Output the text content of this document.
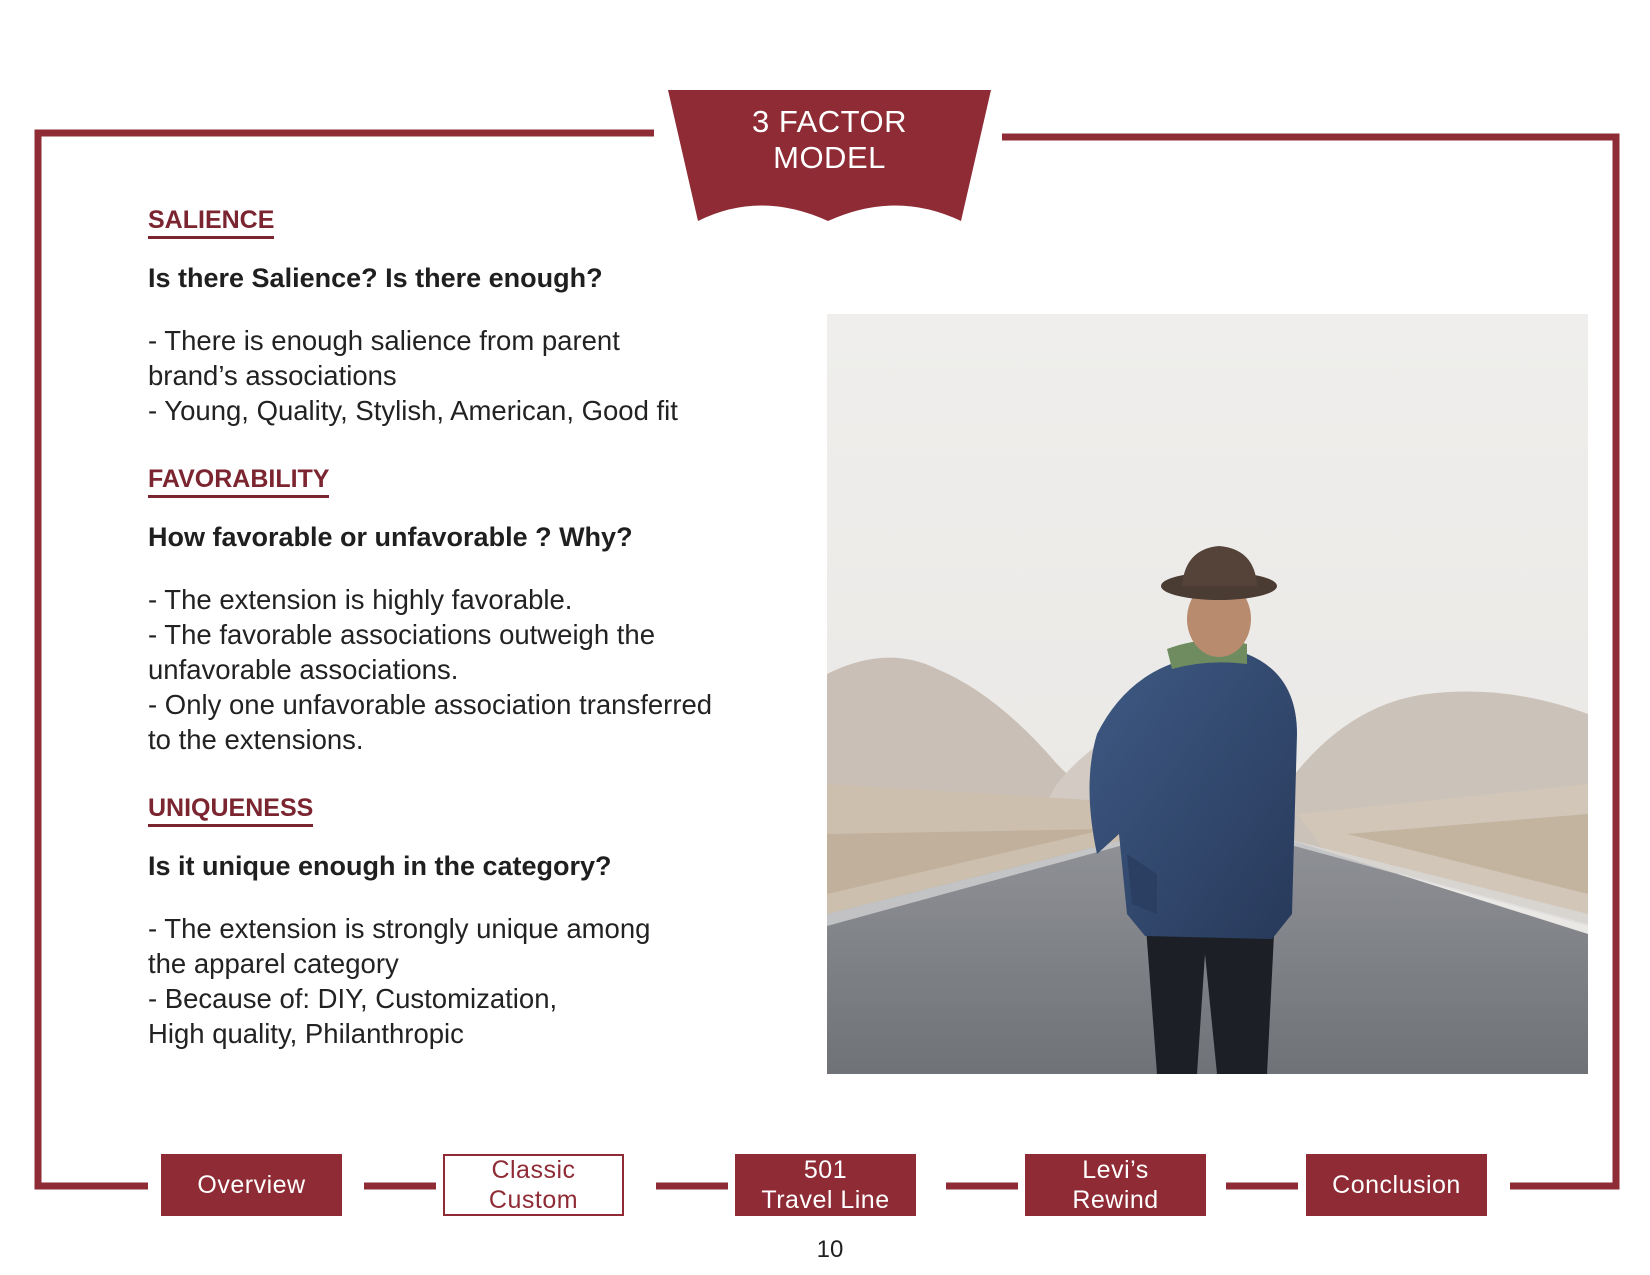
3 FACTOR
MODEL
SALIENCE
Is there Salience? Is there enough?
- There is enough salience from parent
brand’s associations
- Young, Quality, Stylish, American, Good fit
FAVORABILITY
How favorable or unfavorable ? Why?
- The extension is highly favorable.
- The favorable associations outweigh the
unfavorable associations.
- Only one unfavorable association transferred
to the extensions.
UNIQUENESS
Is it unique enough in the category?
- The extension is strongly unique among
the apparel category
- Because of: DIY, Customization,
High quality, Philanthropic
Overview
Classic Custom
501
Travel Line
Levi’s
Rewind
Conclusion
10
